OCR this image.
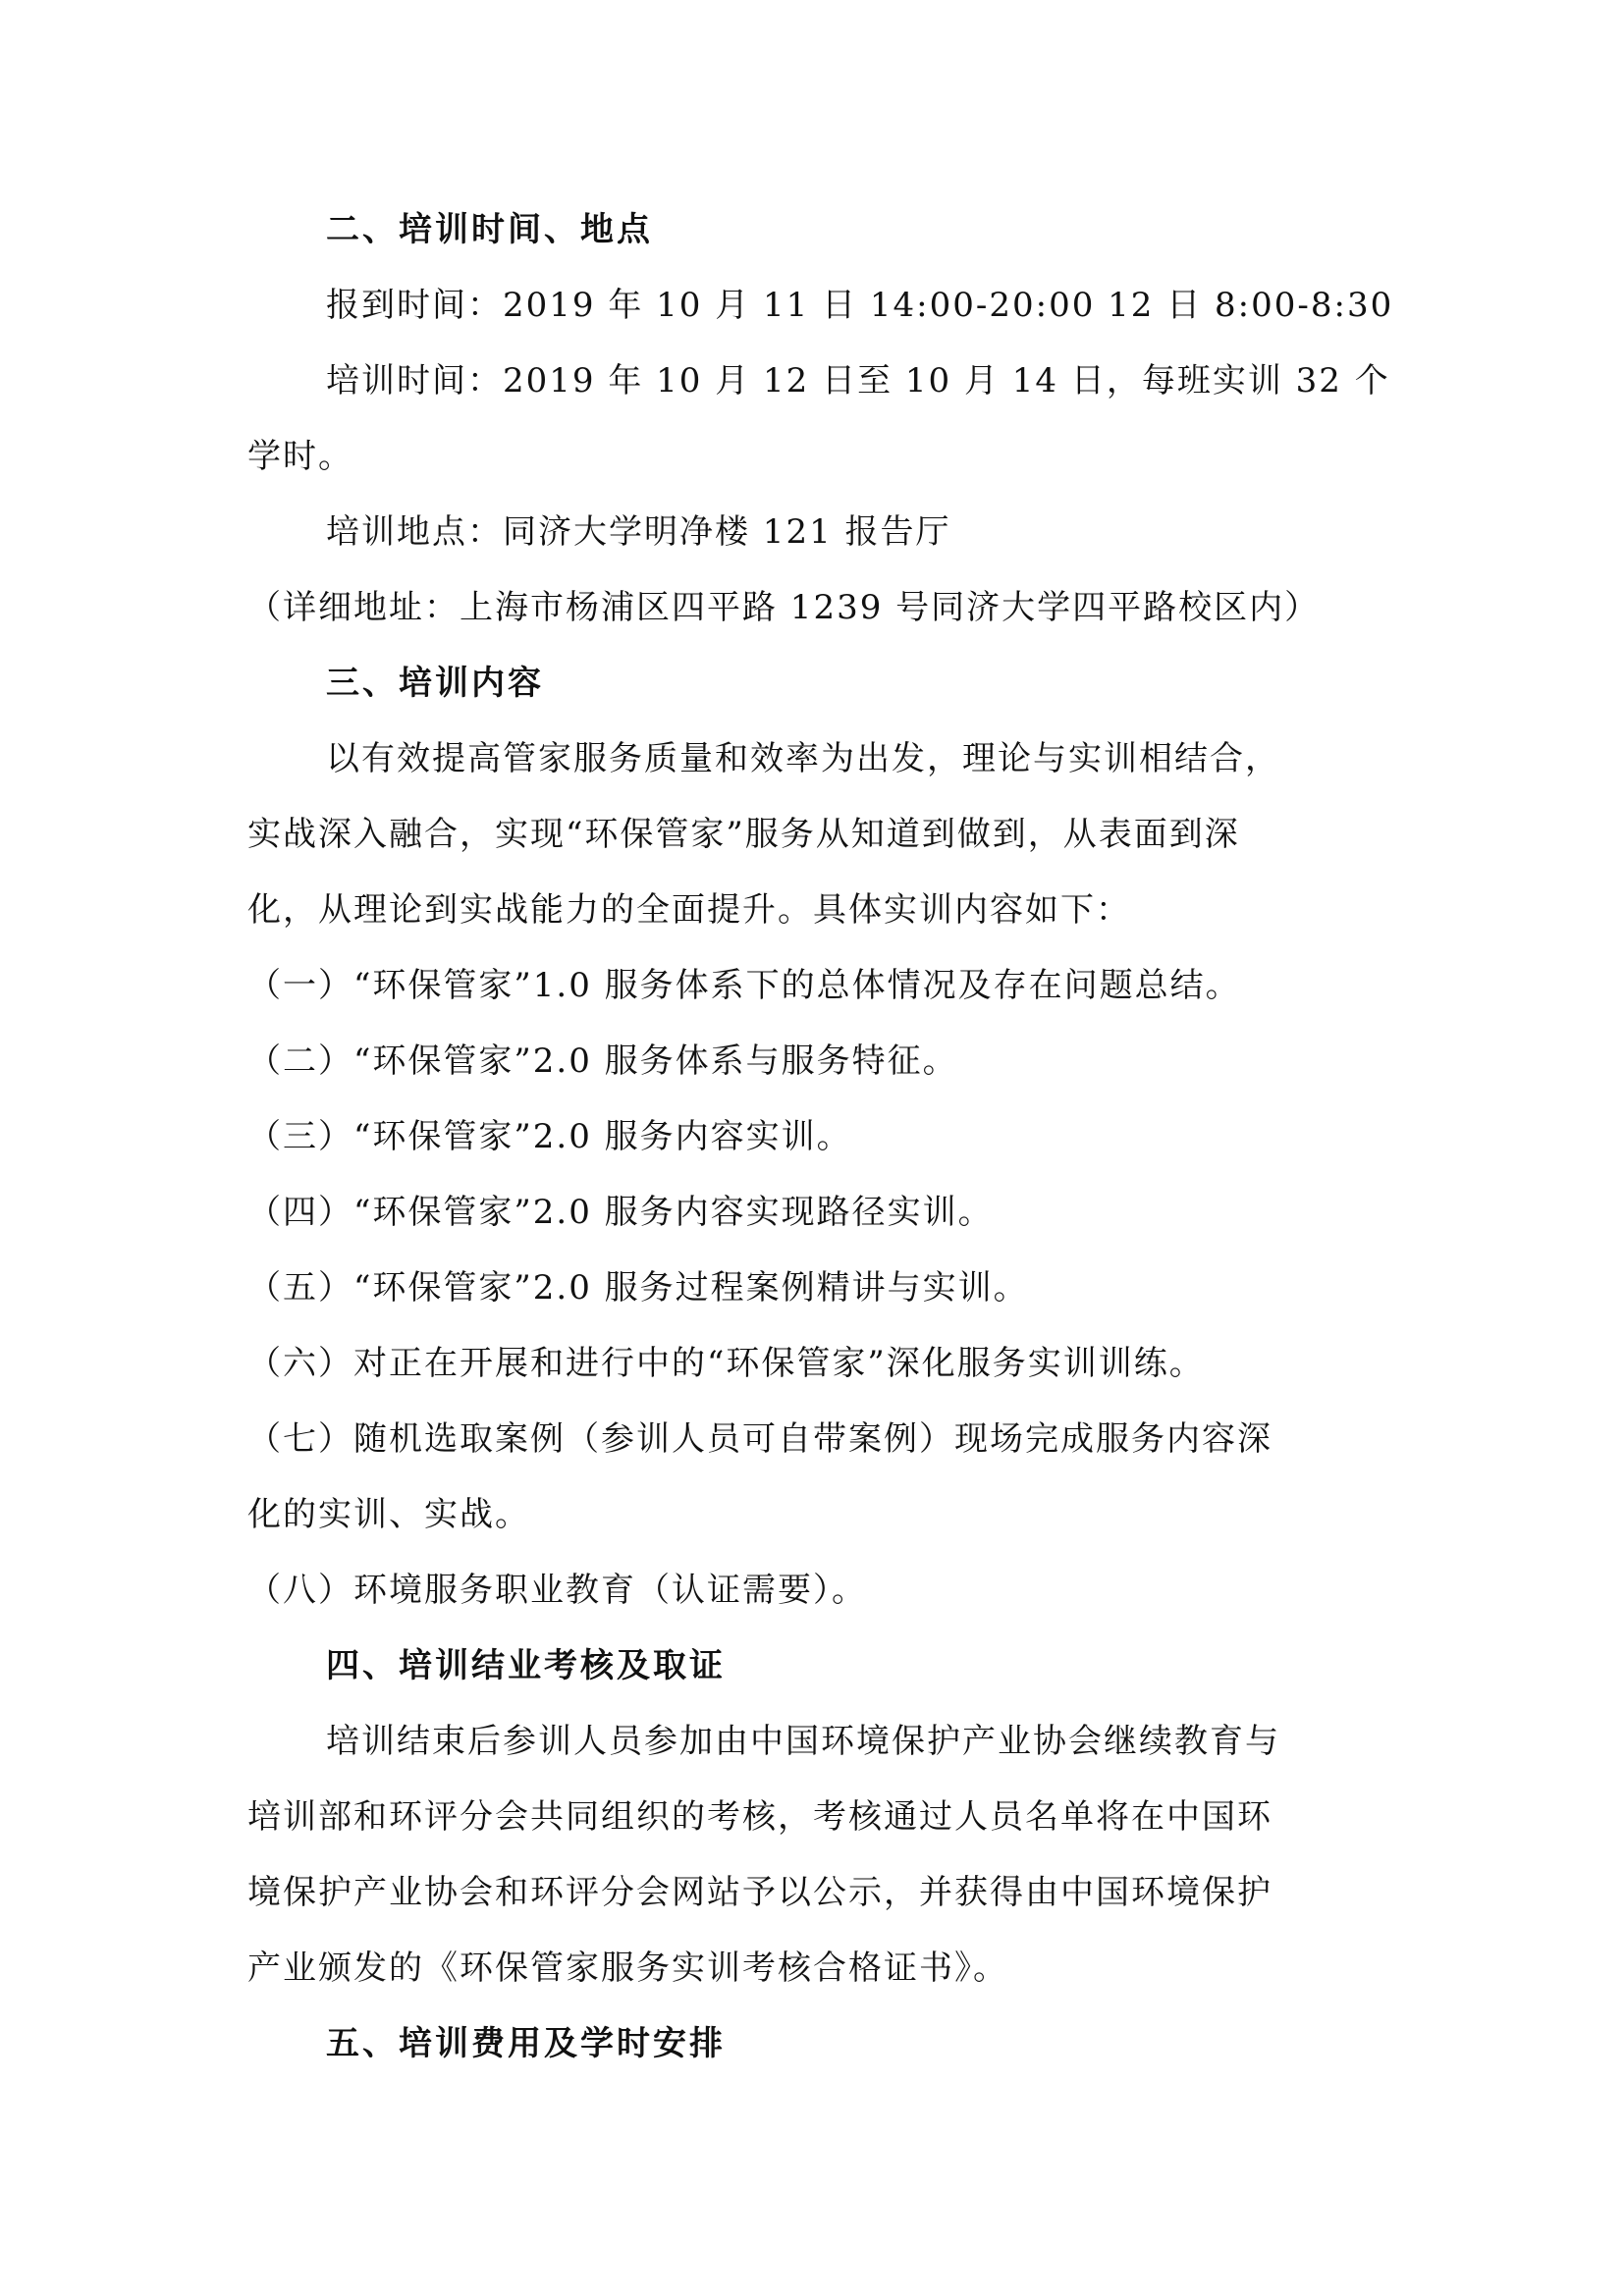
二、培训时间、地点
报到时间：2019 年 10 月 11 日 14:00-20:00 12 日 8:00-8:30
培训时间：2019 年 10 月 12 日至 10 月 14 日，每班实训 32 个
学时。
培训地点：同济大学明净楼 121 报告厅
（详细地址：上海市杨浦区四平路 1239 号同济大学四平路校区内）
三、培训内容
以有效提高管家服务质量和效率为出发，理论与实训相结合，
实战深入融合，实现“环保管家”服务从知道到做到，从表面到深
化，从理论到实战能力的全面提升。具体实训内容如下：
（一）“环保管家”1.0 服务体系下的总体情况及存在问题总结。
（二）“环保管家”2.0 服务体系与服务特征。
（三）“环保管家”2.0 服务内容实训。
（四）“环保管家”2.0 服务内容实现路径实训。
（五）“环保管家”2.0 服务过程案例精讲与实训。
（六）对正在开展和进行中的“环保管家”深化服务实训训练。
（七）随机选取案例（参训人员可自带案例）现场完成服务内容深
化的实训、实战。
（八）环境服务职业教育（认证需要）。
四、培训结业考核及取证
培训结束后参训人员参加由中国环境保护产业协会继续教育与
培训部和环评分会共同组织的考核，考核通过人员名单将在中国环
境保护产业协会和环评分会网站予以公示，并获得由中国环境保护
产业颁发的《环保管家服务实训考核合格证书》。
五、培训费用及学时安排
